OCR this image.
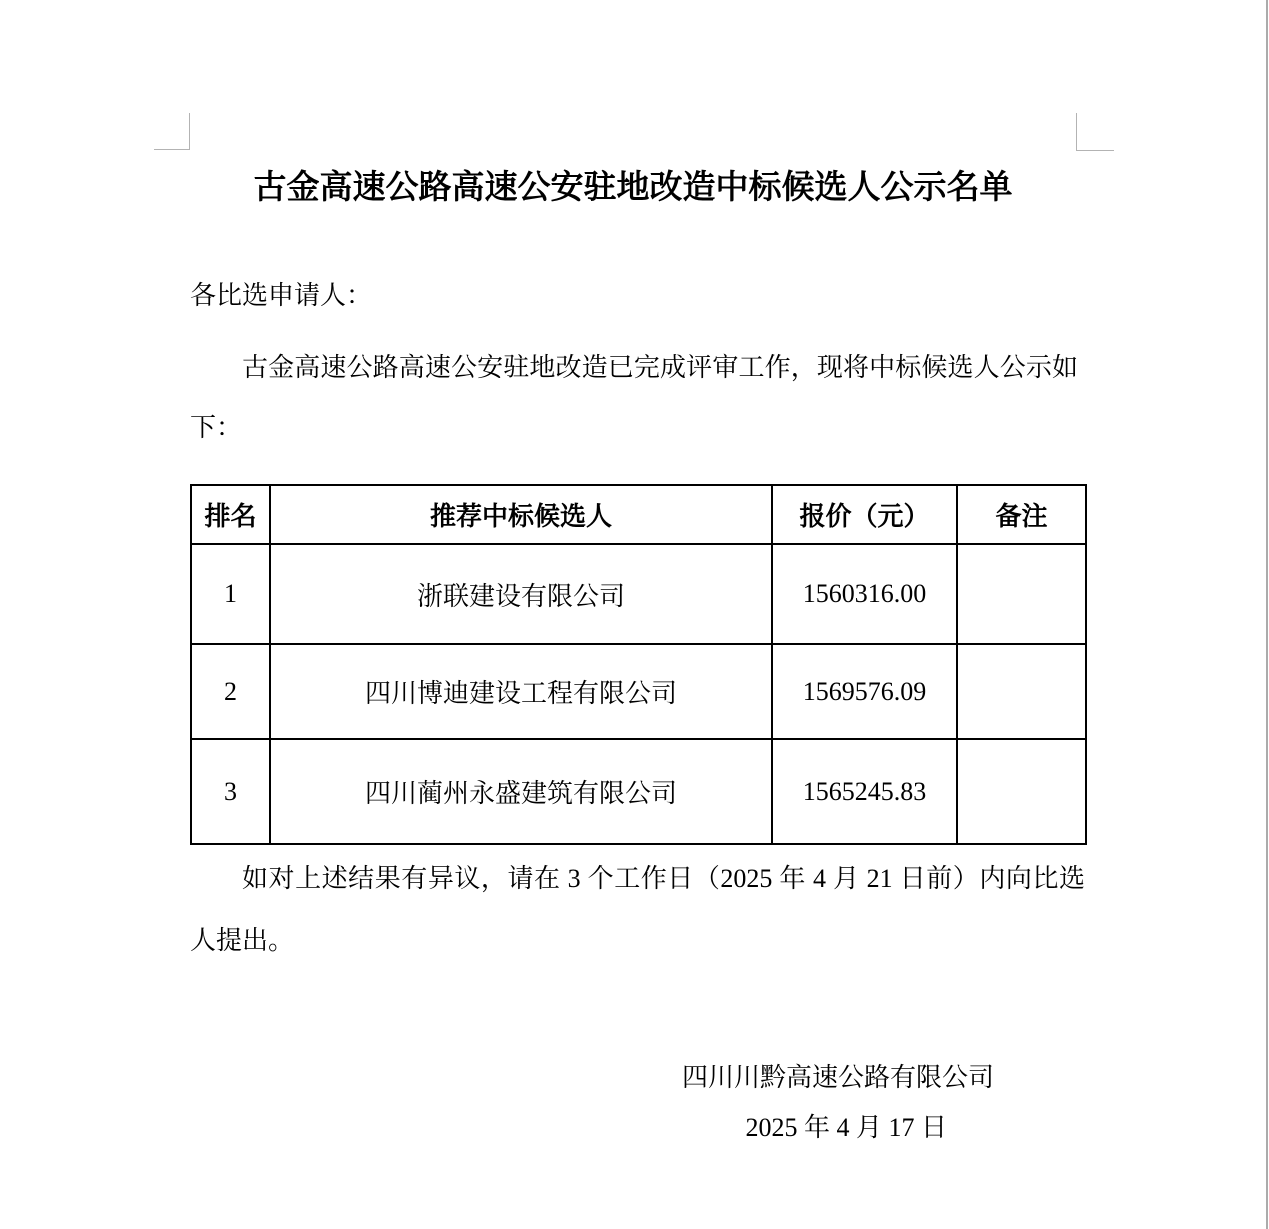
古金高速公路高速公安驻地改造中标候选人公示名单
各比选申请人：
古金高速公路高速公安驻地改造已完成评审工作，现将中标候选人公示如下：
排名	推荐中标候选人	报价（元）	备注
1	浙联建设有限公司	1560316.00	
2	四川博迪建设工程有限公司	1569576.09	
3	四川蔺州永盛建筑有限公司	1565245.83	
如对上述结果有异议，请在 3 个工作日（2025 年 4 月 21 日前）内向比选人提出。
四川川黔高速公路有限公司
2025 年 4 月 17 日
